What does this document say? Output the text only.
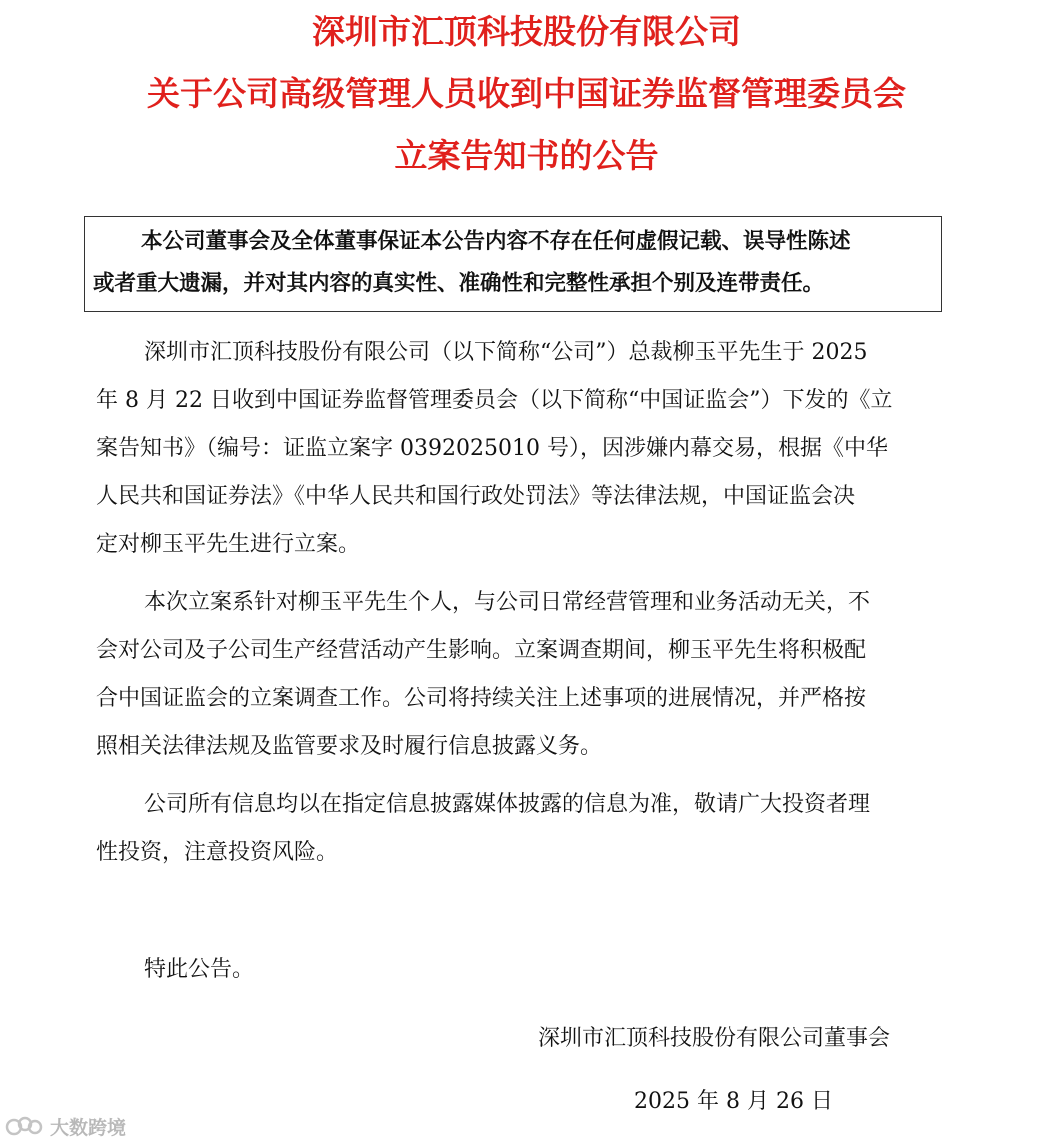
深圳市汇顶科技股份有限公司
关于公司高级管理人员收到中国证券监督管理委员会
立案告知书的公告
本公司董事会及全体董事保证本公告内容不存在任何虚假记载、误导性陈述
或者重大遗漏，并对其内容的真实性、准确性和完整性承担个别及连带责任。
深圳市汇顶科技股份有限公司（以下简称“公司”）总裁柳玉平先生于 2025
年 8 月 22 日收到中国证券监督管理委员会（以下简称“中国证监会”）下发的《立
案告知书》（编号：证监立案字 0392025010 号），因涉嫌内幕交易，根据《中华
人民共和国证券法》《中华人民共和国行政处罚法》等法律法规，中国证监会决
定对柳玉平先生进行立案。
本次立案系针对柳玉平先生个人，与公司日常经营管理和业务活动无关，不
会对公司及子公司生产经营活动产生影响。立案调查期间，柳玉平先生将积极配
合中国证监会的立案调查工作。公司将持续关注上述事项的进展情况，并严格按
照相关法律法规及监管要求及时履行信息披露义务。
公司所有信息均以在指定信息披露媒体披露的信息为准，敬请广大投资者理
性投资，注意投资风险。
特此公告。
深圳市汇顶科技股份有限公司董事会
2025 年 8 月 26 日
大数跨境
